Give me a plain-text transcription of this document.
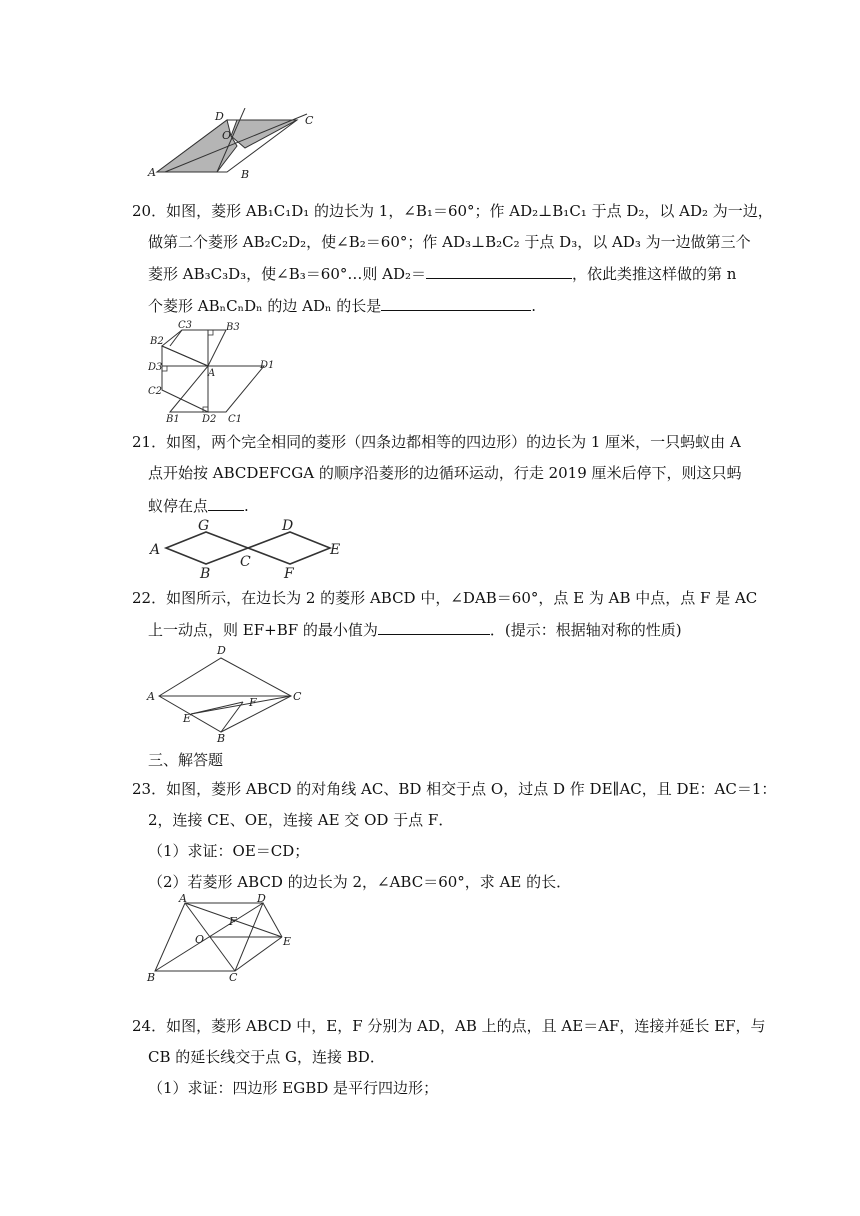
D
O
C
A	B
20．如图，菱形 AB₁C₁D₁ 的边长为 1，∠B₁＝60°；作 AD₂⊥B₁C₁ 于点 D₂，以 AD₂ 为一边，
做第二个菱形 AB₂C₂D₂，使∠B₂＝60°；作 AD₃⊥B₂C₂ 于点 D₃，以 AD₃ 为一边做第三个
菱形 AB₃C₃D₃，使∠B₃＝60°…则 AD₂＝	，依此类推这样做的第 n
个菱形 ABₙCₙDₙ 的边 ADₙ 的长是	.
C3	B3
B2
D3
A
D1
C2
B1 D2 C1
21．如图，两个完全相同的菱形（四条边都相等的四边形）的边长为 1 厘米，一只蚂蚁由 A
点开始按 ABCDEFCGA 的顺序沿菱形的边循环运动，行走 2019 厘米后停下，则这只蚂
蚁停在点 .
A
G	D
C
E
B	F
22．如图所示，在边长为 2 的菱形 ABCD 中，∠DAB＝60°，点 E 为 AB 中点，点 F 是 AC
上一动点，则 EF+BF 的最小值为	．(提示：根据轴对称的性质)
D
A	C
F
E
B
三、解答题
23．如图，菱形 ABCD 的对角线 AC、BD 相交于点 O，过点 D 作 DE∥AC，且 DE：AC＝1：
2，连接 CE、OE，连接 AE 交 OD 于点 F．
（1）求证：OE＝CD；
（2）若菱形 ABCD 的边长为 2，∠ABC＝60°，求 AE 的长．
A	D
F
O	E
B	C
24．如图，菱形 ABCD 中，E，F 分别为 AD，AB 上的点，且 AE＝AF，连接并延长 EF，与
CB 的延长线交于点 G，连接 BD．
（1）求证：四边形 EGBD 是平行四边形；
